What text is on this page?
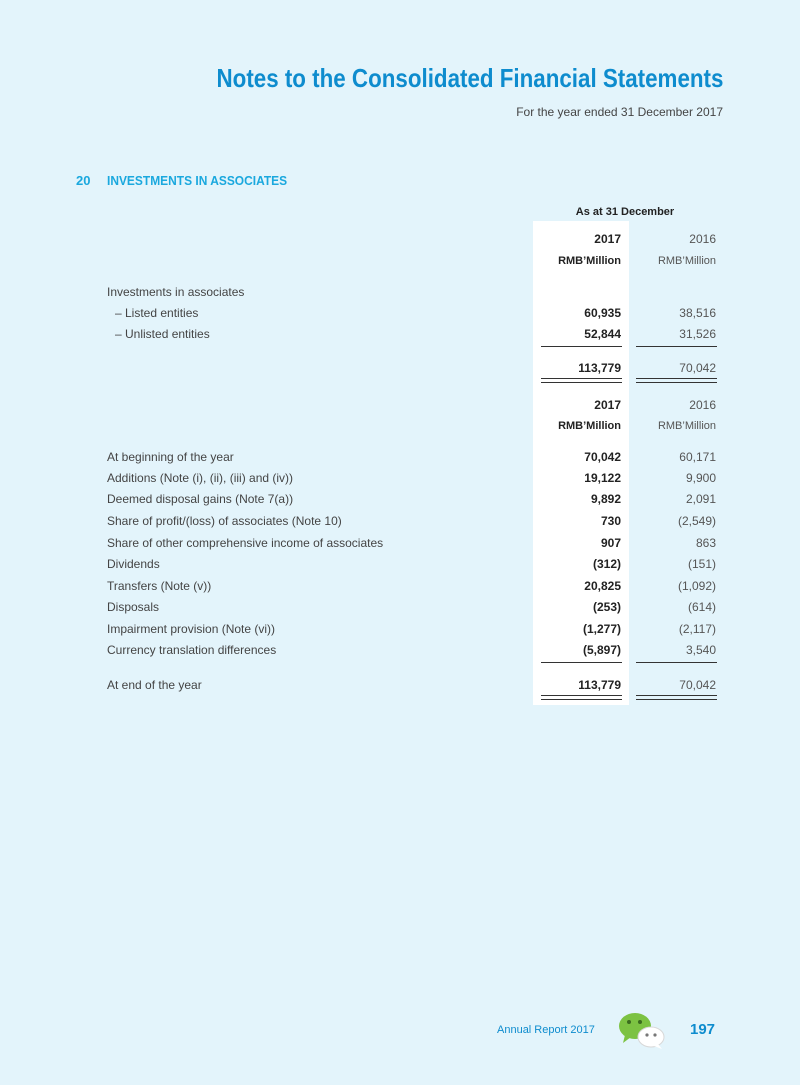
Notes to the Consolidated Financial Statements
For the year ended 31 December 2017
20 INVESTMENTS IN ASSOCIATES
As at 31 December
2017	2016
RMB’Million	RMB’Million
Investments in associates
– Listed entities	60,935	38,516
– Unlisted entities	52,844	31,526
113,779	70,042
2017	2016
RMB’Million	RMB’Million
At beginning of the year	70,042	60,171
Additions (Note (i), (ii), (iii) and (iv))	19,122	9,900
Deemed disposal gains (Note 7(a))	9,892	2,091
Share of profit/(loss) of associates (Note 10)	730	(2,549)
Share of other comprehensive income of associates	907	863
Dividends	(312)	(151)
Transfers (Note (v))	20,825	(1,092)
Disposals	(253)	(614)
Impairment provision (Note (vi))	(1,277)	(2,117)
Currency translation differences	(5,897)	3,540
At end of the year	113,779	70,042
Annual Report 2017	197
